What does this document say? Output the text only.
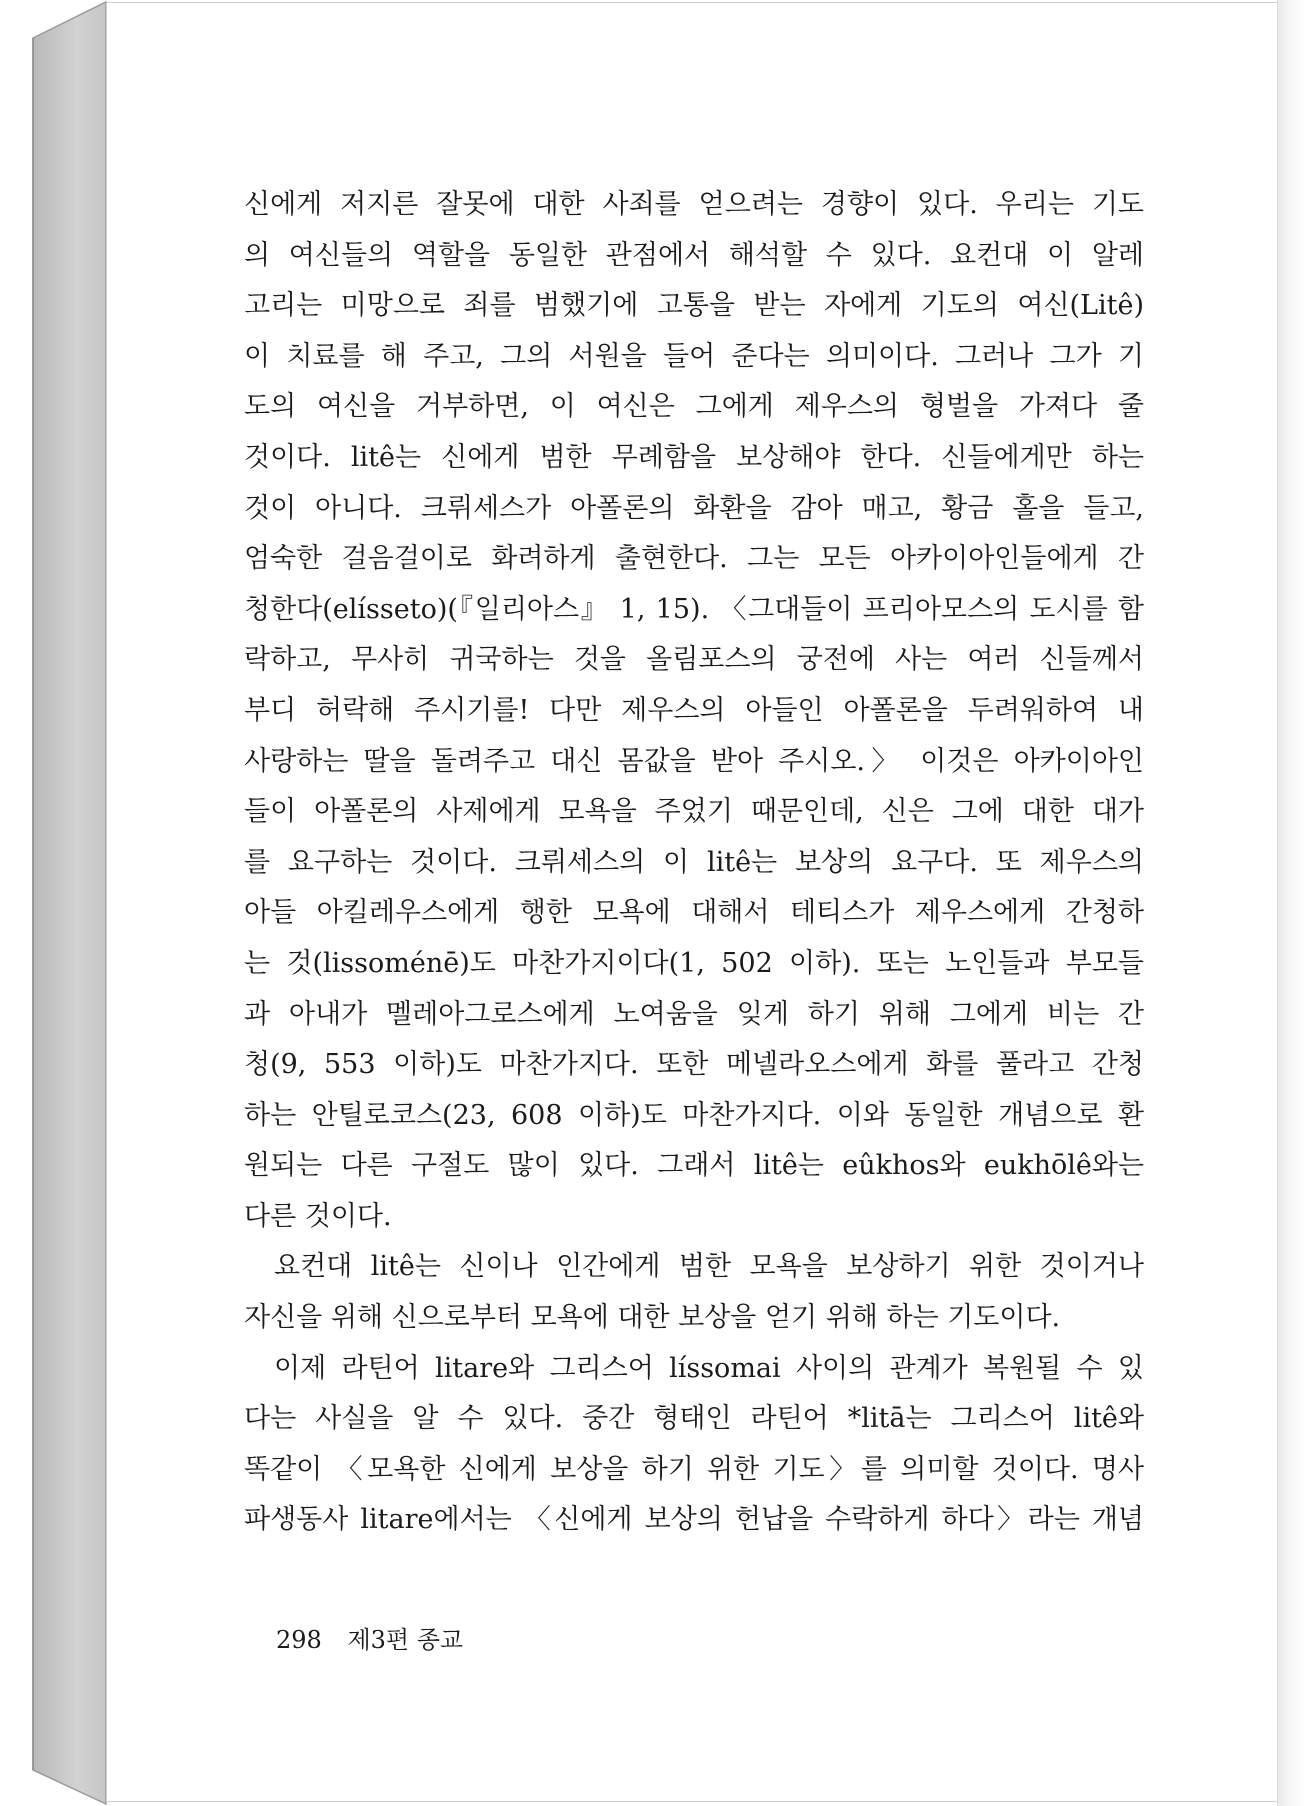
신에게 저지른 잘못에 대한 사죄를 얻으려는 경향이 있다. 우리는 기도
의 여신들의 역할을 동일한 관점에서 해석할 수 있다. 요컨대 이 알레
고리는 미망으로 죄를 범했기에 고통을 받는 자에게 기도의 여신(Litê)
이 치료를 해 주고, 그의 서원을 들어 준다는 의미이다. 그러나 그가 기
도의 여신을 거부하면, 이 여신은 그에게 제우스의 형벌을 가져다 줄
것이다. litê는 신에게 범한 무례함을 보상해야 한다. 신들에게만 하는
것이 아니다. 크뤼세스가 아폴론의 화환을 감아 매고, 황금 홀을 들고,
엄숙한 걸음걸이로 화려하게 출현한다. 그는 모든 아카이아인들에게 간
청한다(elísseto)(『일리아스』 1, 15). 〈그대들이 프리아모스의 도시를 함
락하고, 무사히 귀국하는 것을 올림포스의 궁전에 사는 여러 신들께서
부디 허락해 주시기를! 다만 제우스의 아들인 아폴론을 두려워하여 내
사랑하는 딸을 돌려주고 대신 몸값을 받아 주시오.〉 이것은 아카이아인
들이 아폴론의 사제에게 모욕을 주었기 때문인데, 신은 그에 대한 대가
를 요구하는 것이다. 크뤼세스의 이 litê는 보상의 요구다. 또 제우스의
아들 아킬레우스에게 행한 모욕에 대해서 테티스가 제우스에게 간청하
는 것(lissoménē)도 마찬가지이다(1, 502 이하). 또는 노인들과 부모들
과 아내가 멜레아그로스에게 노여움을 잊게 하기 위해 그에게 비는 간
청(9, 553 이하)도 마찬가지다. 또한 메넬라오스에게 화를 풀라고 간청
하는 안틸로코스(23, 608 이하)도 마찬가지다. 이와 동일한 개념으로 환
원되는 다른 구절도 많이 있다. 그래서 litê는 eûkhos와 eukhōlê와는
다른 것이다.
요컨대 litê는 신이나 인간에게 범한 모욕을 보상하기 위한 것이거나
자신을 위해 신으로부터 모욕에 대한 보상을 얻기 위해 하는 기도이다.
이제 라틴어 litare와 그리스어 líssomai 사이의 관계가 복원될 수 있
다는 사실을 알 수 있다. 중간 형태인 라틴어 *litā는 그리스어 litê와
똑같이 〈모욕한 신에게 보상을 하기 위한 기도〉를 의미할 것이다. 명사
파생동사 litare에서는 〈신에게 보상의 헌납을 수락하게 하다〉라는 개념
298 제3편 종교
